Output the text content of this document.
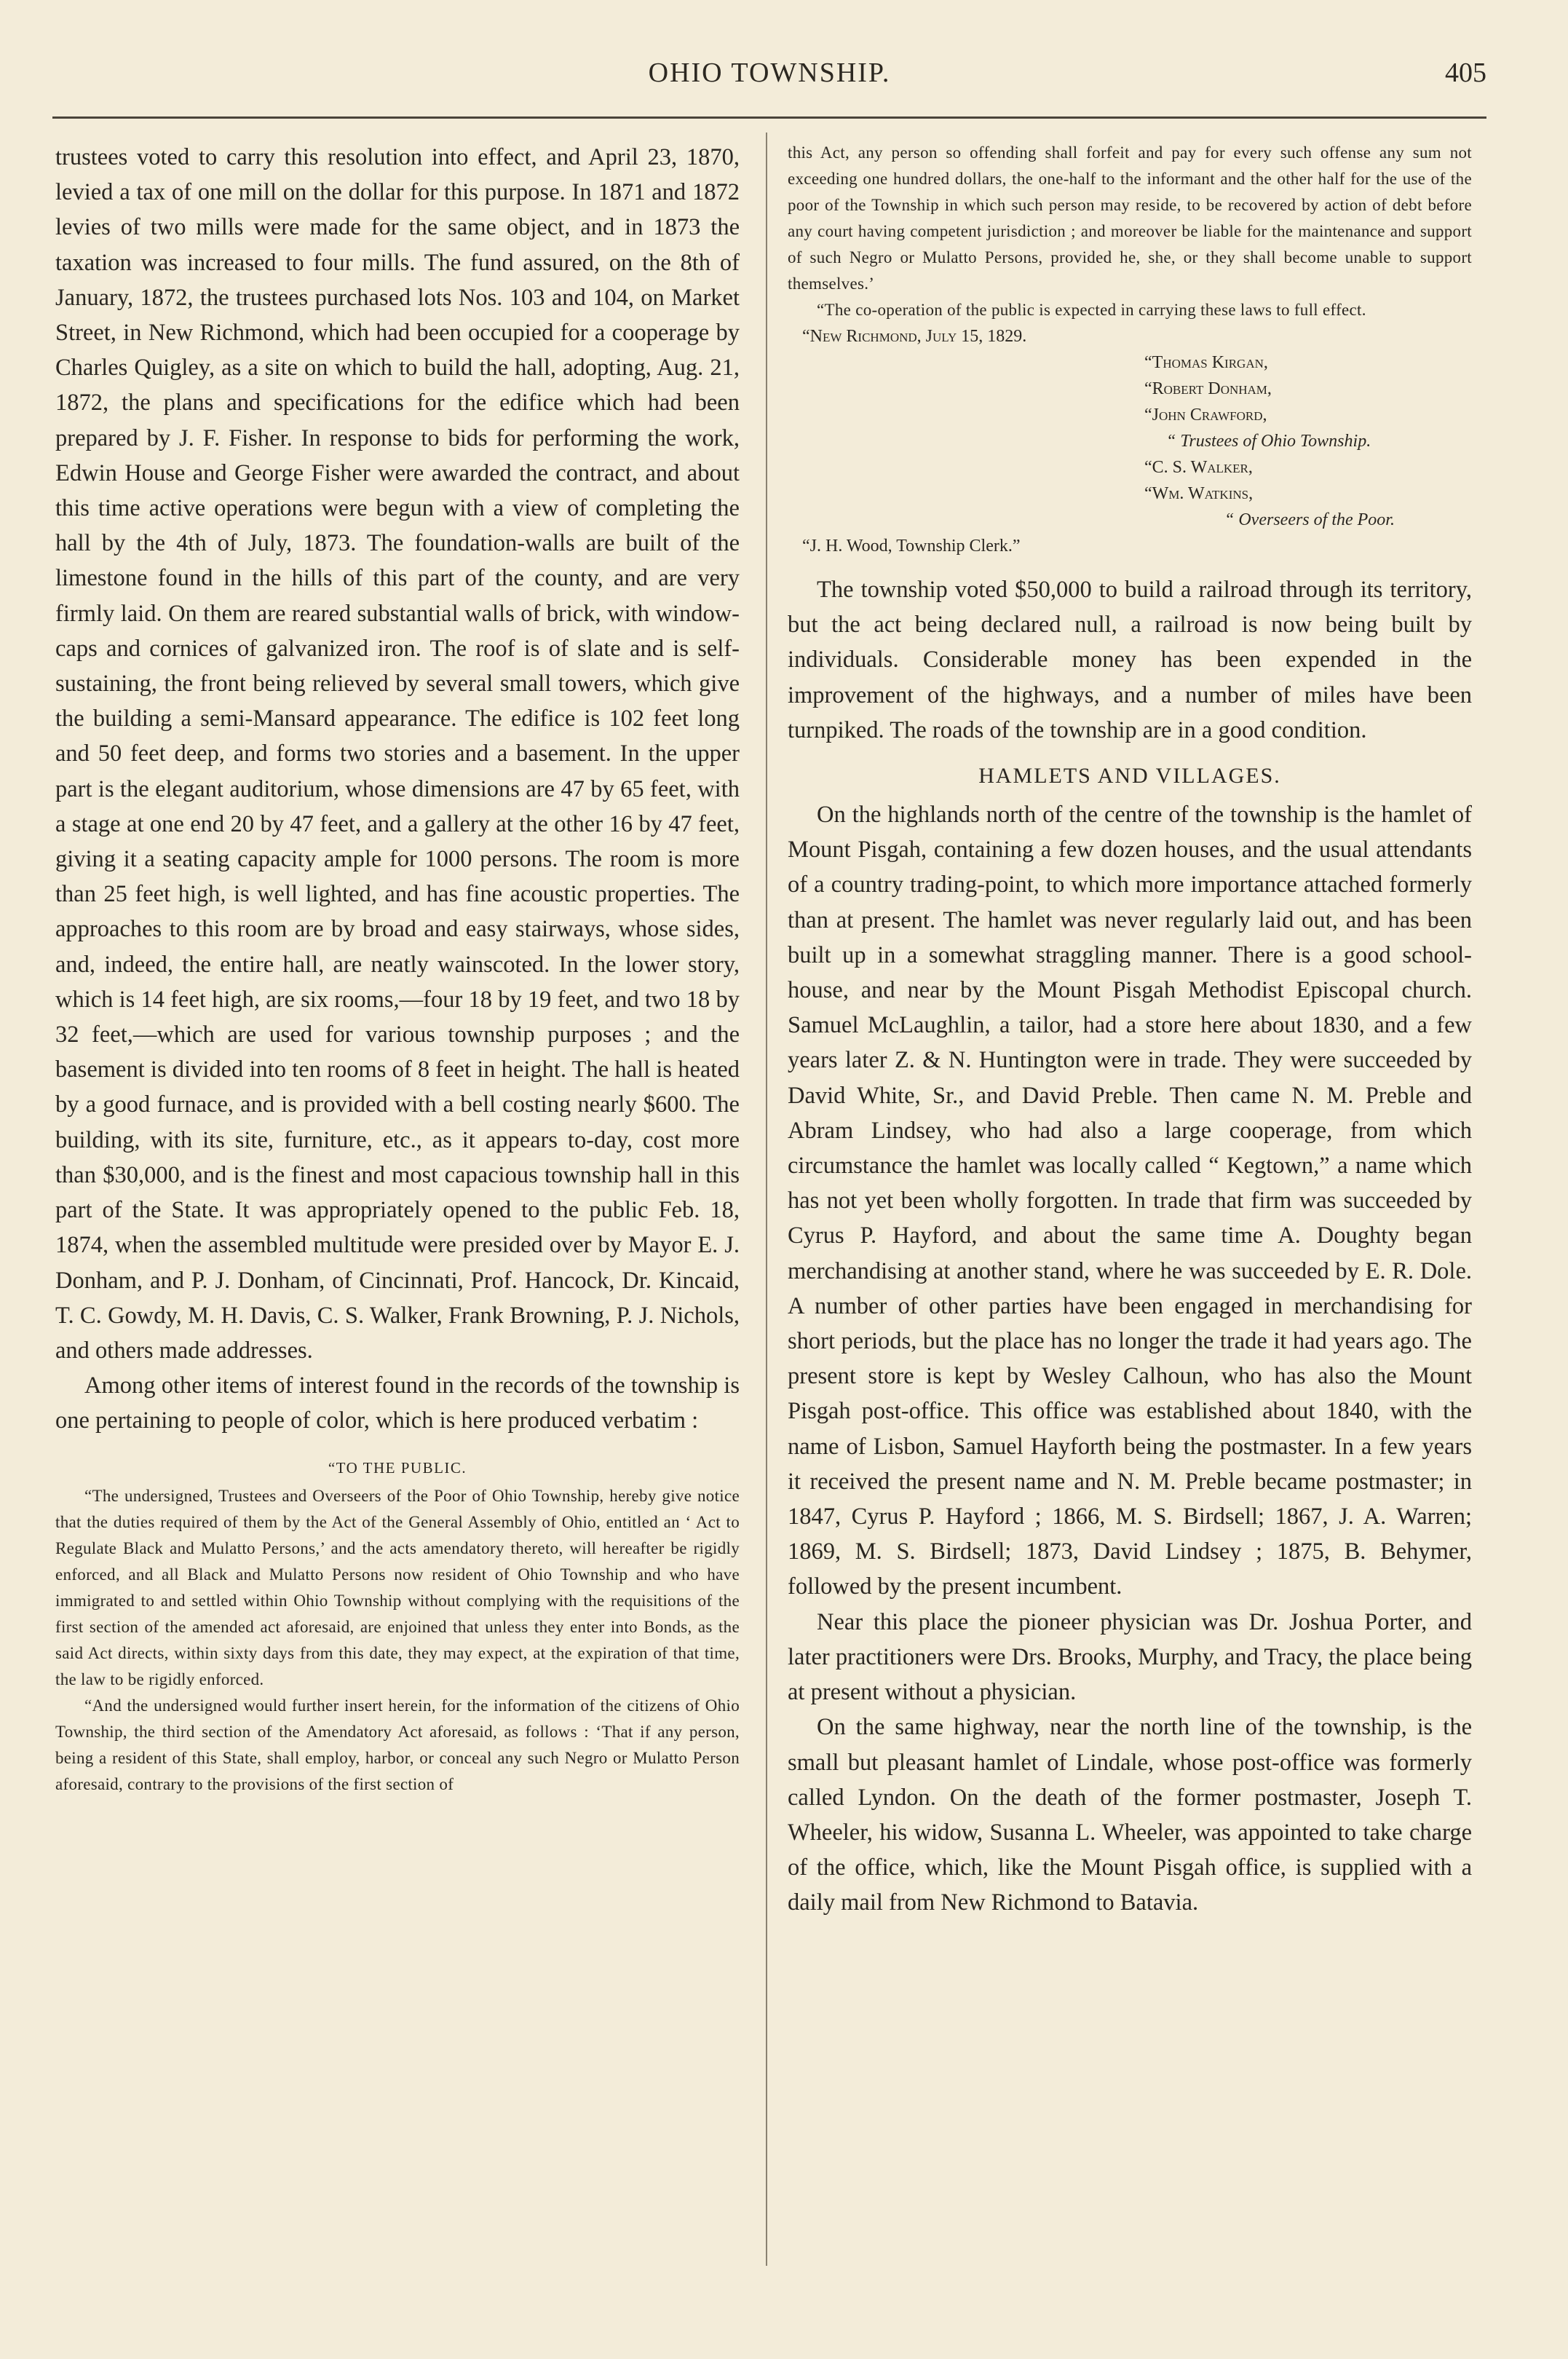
OHIO TOWNSHIP.	405

trustees voted to carry this resolution into effect, and April 23, 1870, levied a tax of one mill on the dollar for this purpose. In 1871 and 1872 levies of two mills were made for the same object, and in 1873 the taxation was increased to four mills. The fund assured, on the 8th of January, 1872, the trustees purchased lots Nos. 103 and 104, on Market Street, in New Richmond, which had been occupied for a cooperage by Charles Quigley, as a site on which to build the hall, adopting, Aug. 21, 1872, the plans and specifications for the edifice which had been prepared by J. F. Fisher. In response to bids for performing the work, Edwin House and George Fisher were awarded the contract, and about this time active operations were begun with a view of completing the hall by the 4th of July, 1873. The foundation-walls are built of the limestone found in the hills of this part of the county, and are very firmly laid. On them are reared substantial walls of brick, with window-caps and cornices of galvanized iron. The roof is of slate and is self-sustaining, the front being relieved by several small towers, which give the building a semi-Mansard appearance. The edifice is 102 feet long and 50 feet deep, and forms two stories and a basement. In the upper part is the elegant auditorium, whose dimensions are 47 by 65 feet, with a stage at one end 20 by 47 feet, and a gallery at the other 16 by 47 feet, giving it a seating capacity ample for 1000 persons. The room is more than 25 feet high, is well lighted, and has fine acoustic properties. The approaches to this room are by broad and easy stairways, whose sides, and, indeed, the entire hall, are neatly wainscoted. In the lower story, which is 14 feet high, are six rooms,—four 18 by 19 feet, and two 18 by 32 feet,—which are used for various township purposes ; and the basement is divided into ten rooms of 8 feet in height. The hall is heated by a good furnace, and is provided with a bell costing nearly $600. The building, with its site, furniture, etc., as it appears to-day, cost more than $30,000, and is the finest and most capacious township hall in this part of the State. It was appropriately opened to the public Feb. 18, 1874, when the assembled multitude were presided over by Mayor E. J. Donham, and P. J. Donham, of Cincinnati, Prof. Hancock, Dr. Kincaid, T. C. Gowdy, M. H. Davis, C. S. Walker, Frank Browning, P. J. Nichols, and others made addresses.

Among other items of interest found in the records of the township is one pertaining to people of color, which is here produced verbatim :

“TO THE PUBLIC.

“The undersigned, Trustees and Overseers of the Poor of Ohio Township, hereby give notice that the duties required of them by the Act of the General Assembly of Ohio, entitled an ‘ Act to Regulate Black and Mulatto Persons,’ and the acts amendatory thereto, will hereafter be rigidly enforced, and all Black and Mulatto Persons now resident of Ohio Township and who have immigrated to and settled within Ohio Township without complying with the requisitions of the first section of the amended act aforesaid, are enjoined that unless they enter into Bonds, as the said Act directs, within sixty days from this date, they may expect, at the expiration of that time, the law to be rigidly enforced.

“And the undersigned would further insert herein, for the information of the citizens of Ohio Township, the third section of the Amendatory Act aforesaid, as follows : ‘That if any person, being a resident of this State, shall employ, harbor, or conceal any such Negro or Mulatto Person aforesaid, contrary to the provisions of the first section of

this Act, any person so offending shall forfeit and pay for every such offense any sum not exceeding one hundred dollars, the one-half to the informant and the other half for the use of the poor of the Township in which such person may reside, to be recovered by action of debt before any court having competent jurisdiction ; and moreover be liable for the maintenance and support of such Negro or Mulatto Persons, provided he, she, or they shall become unable to support themselves.’

“The co-operation of the public is expected in carrying these laws to full effect.

“New Richmond, July 15, 1829.

“Thomas Kirgan,

“Robert Donham,

“John Crawford,

“ Trustees of Ohio Township.

“C. S. Walker,

“Wm. Watkins,

“ Overseers of the Poor.

“J. H. Wood, Township Clerk.”

The township voted $50,000 to build a railroad through its territory, but the act being declared null, a railroad is now being built by individuals. Considerable money has been expended in the improvement of the highways, and a number of miles have been turnpiked. The roads of the township are in a good condition.

HAMLETS AND VILLAGES.

On the highlands north of the centre of the township is the hamlet of Mount Pisgah, containing a few dozen houses, and the usual attendants of a country trading-point, to which more importance attached formerly than at present. The hamlet was never regularly laid out, and has been built up in a somewhat straggling manner. There is a good school-house, and near by the Mount Pisgah Methodist Episcopal church. Samuel McLaughlin, a tailor, had a store here about 1830, and a few years later Z. & N. Huntington were in trade. They were succeeded by David White, Sr., and David Preble. Then came N. M. Preble and Abram Lindsey, who had also a large cooperage, from which circumstance the hamlet was locally called “ Kegtown,” a name which has not yet been wholly forgotten. In trade that firm was succeeded by Cyrus P. Hayford, and about the same time A. Doughty began merchandising at another stand, where he was succeeded by E. R. Dole. A number of other parties have been engaged in merchandising for short periods, but the place has no longer the trade it had years ago. The present store is kept by Wesley Calhoun, who has also the Mount Pisgah post-office. This office was established about 1840, with the name of Lisbon, Samuel Hayforth being the postmaster. In a few years it received the present name and N. M. Preble became postmaster; in 1847, Cyrus P. Hayford ; 1866, M. S. Birdsell; 1867, J. A. Warren; 1869, M. S. Birdsell; 1873, David Lindsey ; 1875, B. Behymer, followed by the present incumbent.

Near this place the pioneer physician was Dr. Joshua Porter, and later practitioners were Drs. Brooks, Murphy, and Tracy, the place being at present without a physician.

On the same highway, near the north line of the township, is the small but pleasant hamlet of Lindale, whose post-office was formerly called Lyndon. On the death of the former postmaster, Joseph T. Wheeler, his widow, Susanna L. Wheeler, was appointed to take charge of the office, which, like the Mount Pisgah office, is supplied with a daily mail from New Richmond to Batavia.
